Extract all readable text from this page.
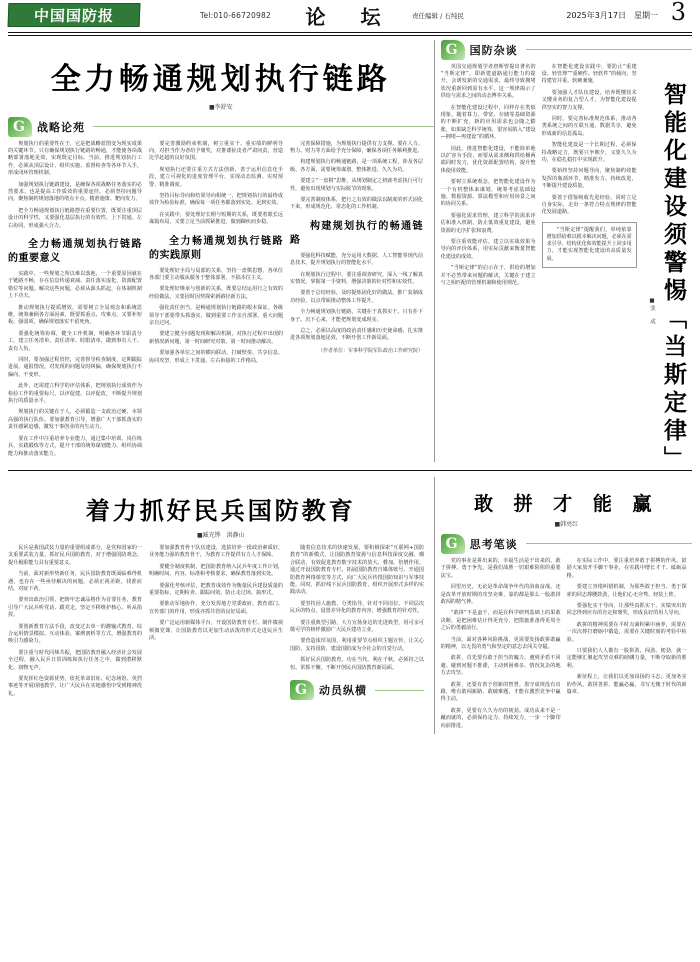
中国国防报	Tel:010-66720982 论 坛	责任编辑 / 石纯民	2025年3月17日　星期一 3
全力畅通规划执行链路
■李舒安
G
战略论苑

规划执行的重要性在于，它是把战略蓝图变为现实成果的关键环节。只有确保规划执行链路的畅通，才能使各项战略部署落地见效，实现既定目标。当前，推进规划执行工作，必须从顶层设计、组织实施、监督检查等各环节入手，形成闭环管理机制。

加强规划执行链路建设，是确保各项战略任务落实的必然要求，也是提高工作质效的重要途径。必须坚持问题导向，聚焦制约规划落地的堵点卡点，精准施策、靶向发力。

把全力畅通规划执行链路摆在重要位置，既要注重顶层设计的科学性，又要强化基层执行的有效性，上下贯通、左右协同，形成强大合力。

全力畅通规划执行链路的重要意义

实践中，一些规划之所以难以落地，一个重要原因就在于链路不畅，存在信息传递衰减、责任落实虚化、资源配置错位等问题。解决这些问题，必须从源头抓起，在体制机制上下功夫。

推动规划执行提质增效，需要树立全局观念和系统思维，统筹兼顾各方面因素，既要抓重点、攻难点，又要补短板、强弱项，确保规划落实不留死角。

要强化统筹协调，健全工作机制，明确各环节职责分工，建立任务清单、责任清单、时限清单，做到事有人干、责有人负。

同时，要加强过程管控，完善督导检查制度，定期跟踪进展、通报情况，对发现的问题及时纠偏，确保规划执行不偏向、不变形。

此外，还需建立科学的评估体系，把规划执行成效作为检验工作的重要标尺，以评促建、以评促改，不断提升规划执行的质量水平。

规划执行的关键在于人，必须锻造一支政治过硬、本领高强的执行队伍。要加强教育引导，增强广大干部抓落实的责任感紧迫感，激发干事创业的内生动力。

要在工作中注重培养专业能力，通过集中培训、岗位练兵、实践锻炼等方式，提升干部的统筹谋划能力、组织协调能力和推动落实能力。

要完善激励约束机制，树立重实干、重实绩的鲜明导向，对担当作为者给予褒奖，对推诿扯皮者严肃问责，营造比学赶超的良好氛围。

规划执行还要注重方式方法创新，善于运用信息化手段，建立可视化的进度管理平台，实现动态监测、实时预警、精准调度。

坚持目标导向和结果导向相统一，把规划执行的最终成效作为检验标准，确保每一项任务都落到实处、见到实效。

在实践中，要处理好长期与短期的关系，既要着眼长远谋篇布局，又要立足当前抓紧推进，做到蹄疾而步稳。

全力畅通规划执行链路的实践原则

要处理好全局与局部的关系，坚持一盘棋思想，各单位各部门要主动服从服务于整体部署，不搞本位主义。

要处理好继承与创新的关系，既要总结运用行之有效的经验做法，又要因时因势探索新路径新方法。

强化责任担当，是畅通规划执行链路的根本保证。各级领导干部要带头抓落实，做到重要工作亲自部署、重大问题亲自过问。

要建立健全问题发现和解决机制，对执行过程中出现的新情况新问题，第一时间研究对策、第一时间推动解决。

要加强各单位之间的横向联动，打破壁垒、共享信息、协同攻坚，形成上下贯通、左右衔接的工作格局。

完善保障措施，为规划执行提供有力支撑。要在人力、物力、财力等方面给予充分保障，确保各项任务顺利推进。

构建规划执行的畅通链路，是一项系统工程，涉及各层级、各方面，需要统筹谋划、整体推进、久久为功。

要建立“一盘棋”思维，从规划制定之初就考虑执行可行性，避免出现规划与实际脱节的现象。

要完善制度体系，把行之有效的做法以制度的形式固化下来，形成规范化、常态化的工作机制。

构建规划执行的畅通链路

要强化科技赋能，充分运用大数据、人工智能等现代信息技术，提升规划执行的智能化水平。

在规划执行过程中，要注重调查研究，深入一线了解真实情况，掌握第一手资料，增强决策的针对性和实效性。

要善于总结经验，及时提炼固化好的做法，推广复制成功经验，以点带面推动整体工作提升。

全力畅通规划执行链路，关键在于真抓实干。只有扑下身子、沉下心来，才能把规划变成现实。

总之，必须以高度的政治责任感和历史使命感，扎实推进各项规划落地见效，不断开创工作新局面。

（作者单位：军事科学院军队政治工作研究院）
G
国防杂谈
智能化建设须警惕「当斯定律」
■张 成

英国交通规划学者唐斯曾提出著名的“当斯定律”，即新建道路通行能力的提升，会诱发新的交通需求，最终导致拥堵状况重新回到原有水平。这一规律揭示了供给与需求之间的动态博弈关系。

在智能化建设过程中，同样存在类似现象。随着算力、带宽、存储等基础资源的不断扩充，新的应用需求也会随之膨胀，如果缺乏科学统筹，很容易陷入“建设—拥堵—再建设”的循环。

因此，推进智能化建设，不能简单地以扩容为手段，而要从需求侧和供给侧两端同时发力，优化资源配置结构，提升整体使用效能。

要树立系统观念，把智能化建设作为一个有机整体来谋划，统筹考虑基础设施、数据资源、算法模型和应用场景之间的协同关系。

要强化需求管理，建立科学的需求评估和准入机制，防止低效重复建设，避免资源的无序扩张和浪费。

要注重效能评估，建立以实战效果为导向的评价体系，用实际贡献来衡量智能化建设的成效。

“当斯定律”的启示在于，供给的增加并不必然带来问题的解决，关键在于建立与之相匹配的管理机制和使用规范。

在智能化建设实践中，要防止“重建设、轻管理”“重硬件、轻软件”的倾向，坚持建管并重、软硬兼施。

要加强人才队伍建设，培养既懂技术又懂业务的复合型人才，为智能化建设提供坚实的智力支撑。

同时，要完善标准规范体系，推动各类系统之间的互联互通、数据共享，避免形成新的信息孤岛。

智能化建设是一个长期过程，必须保持战略定力，既要只争朝夕，又要久久为功，在稳扎稳打中实现跃升。

要始终坚持问题导向，聚焦制约效能发挥的瓶颈环节，精准发力、持续改进，不断提升建设质量。

要善于借鉴吸收先进经验，同时立足自身实际，走出一条符合特点规律的智能化发展道路。

“当斯定律”提醒我们，单纯依靠增加供给难以根本解决问题，必须在需求引导、结构优化和效能提升上同步用力，才能实现智能化建设的高质量发展。
着力抓好民兵国防教育
■臧光铧　洪静山

民兵是我国武装力量的重要组成部分，是党和国家的一支重要武装力量。抓好民兵国防教育，对于增强国防观念、提升履职能力具有重要意义。

当前，面对新形势新任务，民兵国防教育既面临难得机遇，也存在一些亟待解决的问题。必须正视差距，找准症结，对症下药。

要突出政治引领，把铸牢忠诚品格作为首要任务，教育引导广大民兵听党话、跟党走，坚定不移维护核心、听从指挥。

要创新教育方法手段，改变过去单一的灌输式教育，综合运用情景模拟、互动体验、案例剖析等方式，增强教育的吸引力感染力。

要注重与时代同频共振，把国防教育融入经济社会发展全过程，融入民兵日常训练和执行任务之中，做到潜移默化、润物无声。

要发挥红色资源优势，依托革命旧址、纪念场馆、英烈事迹等开展现地教学，让广大民兵在实地感悟中受到精神洗礼。

要加强教育骨干队伍建设，选拔培养一批政治素质好、业务能力强的教育骨干，为教育工作提供有力人才保障。

要健全制度机制，把国防教育纳入民兵年度工作计划，明确时间、内容、标准和考核要求，确保教育落到实处。

要强化考核评估，把教育成效作为衡量民兵建设质量的重要指标，定期检查、跟踪问效，防止走过场、搞形式。

要推动军地协作，充分发挥地方党委政府、教育部门、宣传部门的作用，形成齐抓共管的良好局面。

要广泛运用新媒体平台，开设国防教育专栏、制作微视频微党课，让国防教育以更加生动活泼的形式走进民兵生活。

随着信息技术的快速发展，要积极探索“互联网+国防教育”的新模式，让国防教育资源与信息科技深度交融、耦合联动，有效促进教育数字技术的放大、叠加、倍增作用。通过开设国防教育专栏、拓展国防教育自媒体账号、开通国防教育网络课堂等方式，向广大民兵传授国防知识与军事技能。同时，抓好线下民兵国防教育，组织开展形式多样的实践活动。

要坚持因人施教、分类指导，针对不同岗位、不同层次民兵的特点，设置差异化的教育内容，增强教育的针对性。

要注重典型引路，大力宣扬身边的先进典型，用可亲可敬可学的榜样激励广大民兵建功立业。

要营造浓厚氛围，利用重要节点组织主题宣传，让关心国防、支持国防、建设国防成为全社会的自觉行动。

抓好民兵国防教育，功在当代、利在千秋。必须持之以恒、常抓不懈，不断开创民兵国防教育新局面。

G
动员纵横
敢 拼 才 能 赢
■韩亮红
G
思考笔谈

党的事业是拼出来的，幸福生活是干出来的。敢于拼搏、勇于争先，是我们战胜一切艰难险阻的重要法宝。

回望历史，无论是革命战争年代的浴血奋战，还是改革开放时期的攻坚克难，靠的都是那么一股敢拼敢闯的精气神。

“敢拼”不是蛮干，而是在科学研判基础上的果敢决断，是把困难估计得更充分、把措施准备得更周全之后的勇毅前行。

当前，面对各种风险挑战，更需要发扬敢拼敢赢的精神，以无畏的勇气和坚定的意志去闯关夺隘。

敢拼，首先要有敢于担当的魄力。遇到矛盾不回避、碰到问题不推诿，主动到困难多、情况复杂的地方去攻坚。

敢拼，还要有善于创新的智慧。墨守成规没有出路，唯有敢闯新路、敢破难题，才能在激烈竞争中赢得主动。

敢拼，更要有久久为功的韧劲。成功从来不是一蹴而就的，必须保持定力、持续发力，一步一个脚印向前推进。

在实际工作中，要注重培养敢于拼搏的作风，鼓励大家放开手脚干事业，在实践中增长才干、砥砺品格。

要建立容错纠错机制，为那些敢于担当、勇于探索的同志撑腰鼓劲，让他们心无旁骛、轻装上阵。

要强化实干导向，让那些真抓实干、实绩突出的同志得到应有的肯定和褒奖，形成良好的用人导向。

敢拼的精神需要在平时点滴积累中涵养，需要在一次次摔打磨砺中锻造，需要在关键时刻的考验中检验。

只要我们人人都有一股拼劲、闯劲、韧劲，就一定能够汇聚起攻坚克难的磅礴力量，不断夺取新的胜利。

新征程上，让我们以更加昂扬的斗志、更加务实的作风，敢拼善拼、能赢必赢，书写无愧于时代的新篇章。
